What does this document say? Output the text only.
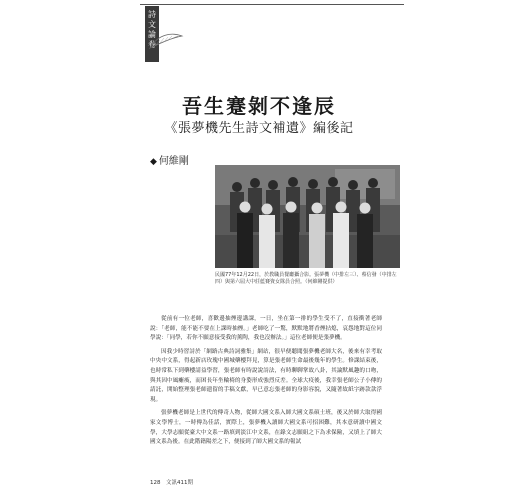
詩
文
論
卷
吾生蹇剝不逢辰
《張夢機先生詩文補遺》編後記
◆ 何維剛
民國77年12月22日，於教職員餐廳攝合影。張夢機（中排左三）、蔡信發（中排左四）與第六屆大中莊藍賽資女隊員合照。（何維剛提供）

從前有一位老師，喜歡邊抽煙邊講課，一日，坐在第一排的學生受不了，直接衝著老師說：「老師，能不能不要在上課時抽煙。」老師吃了一驚，默默地將香煙拈熄，哀怨地對這位同學說：「同學，若你不願意接受我的薰陶，我也沒辦法。」這位老師便是張夢機。

因我少時習詩於「網路古典詩詞雅集」網站，很早便聽聞張夢機老師大名，後來有幸考取中央中文系，得起新店玫瑰中國城藥樓拜見，算是張老師生命最後幾年的學生。修課結束後，也時常私下到藥樓請益學習，張老師有時說說詩法，有時聊聊掌故八卦，其論默風趣的口吻，與其因中風癱瘓，而困長年坐輪椅的身姿形成強烈反差。全球大疫後，我幸張老師公子小傳的請託，開始整理張老師遺留的手稿文獻，早已意忘張老師的身影容貌，又隨著故紙字跡款款浮現。

張夢機老師是上世代的傳奇人物，從師大國文系入師大國文系碩士班，後又於師大取得國家文學博士，一時傳為佳話，實際上，張夢機入讀師大國文系可招困難，其本意研讀中國文學，大學志願從臺大中文系一路填到淡江中文系，在錄文志願組之下為求保險，又填上了師大國文系為後。在此階籍陽差之下，便接到了師大國文系的報試

128　文訊411期
